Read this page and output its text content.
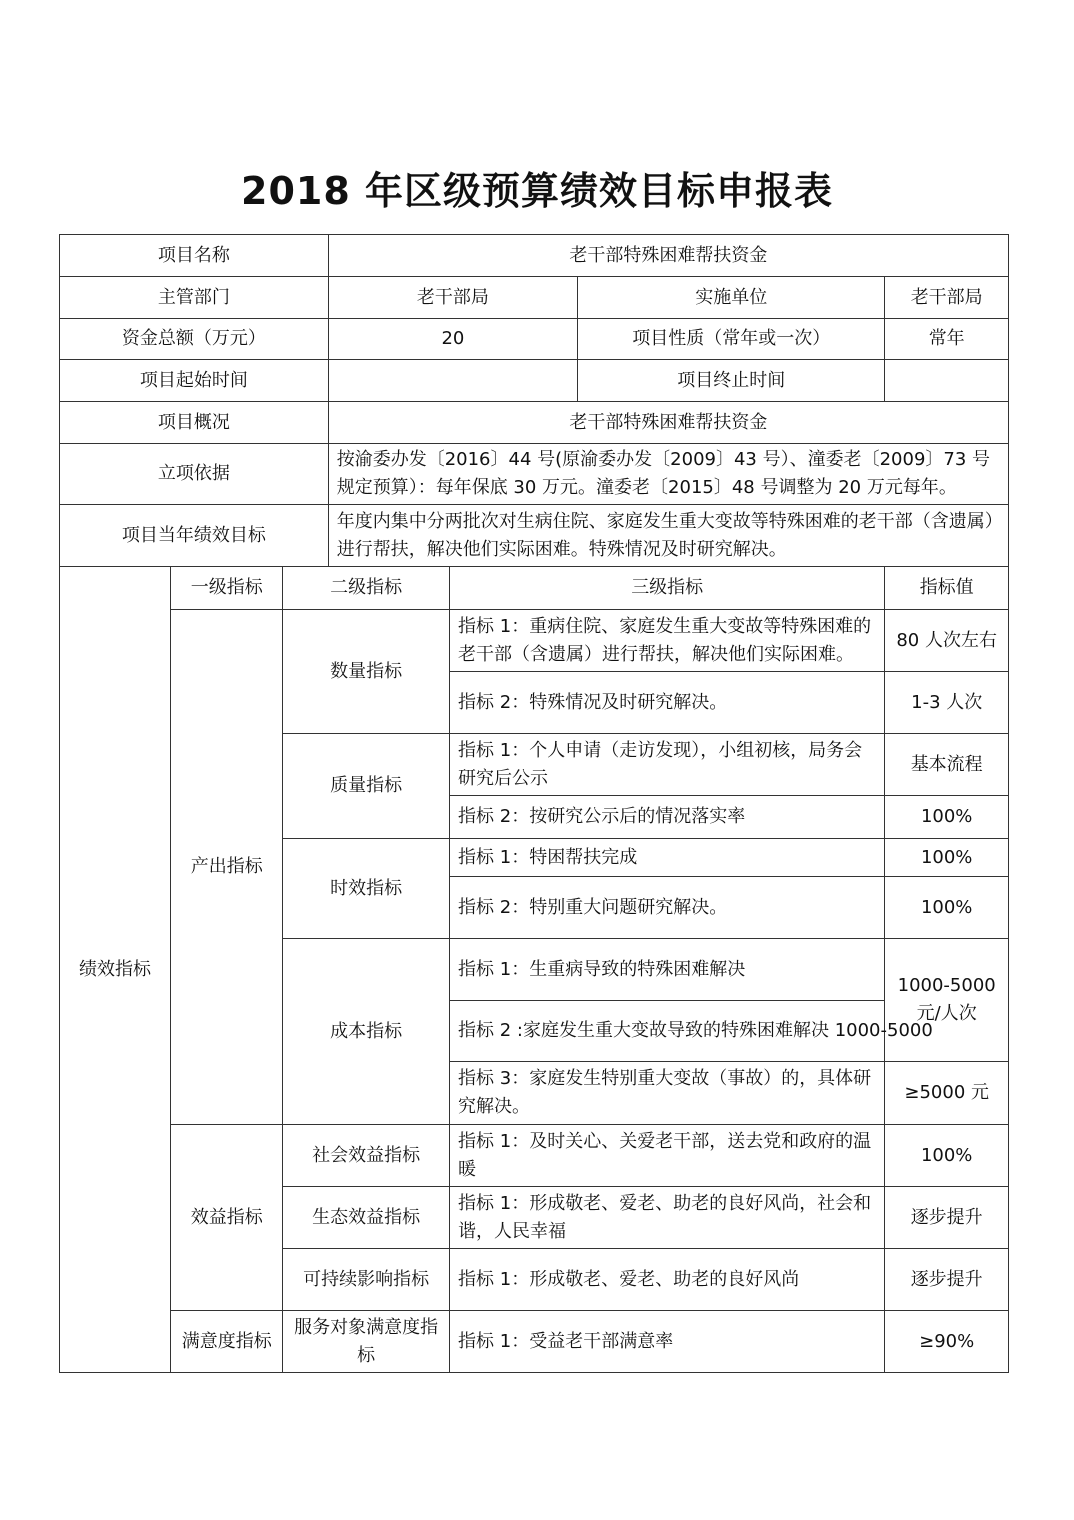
2018 年区级预算绩效目标申报表
项目名称			老干部特殊困难帮扶资金			
主管部门			老干部局		实施单位	老干部局
资金总额（万元）			20		项目性质（常年或一次）	常年
项目起始时间					项目终止时间	
项目概况			老干部特殊困难帮扶资金			
立项依据			按渝委办发〔2016〕44 号(原渝委办发〔2009〕43 号）、潼委老〔2009〕73 号规定预算）：每年保底 30 万元。潼委老〔2015〕48 号调整为 20 万元每年。			
项目当年绩效目标			年度内集中分两批次对生病住院、家庭发生重大变故等特殊困难的老干部（含遗属）进行帮扶，解决他们实际困难。特殊情况及时研究解决。			
绩效指标	一级指标	二级指标		三级指标		指标值
	产出指标	数量指标		指标 1：重病住院、家庭发生重大变故等特殊困难的老干部（含遗属）进行帮扶，解决他们实际困难。		80 人次左右
				指标 2：特殊情况及时研究解决。		1-3 人次
		质量指标		指标 1：个人申请（走访发现），小组初核，局务会研究后公示		基本流程
				指标 2：按研究公示后的情况落实率		100%
		时效指标		指标 1：特困帮扶完成		100%
				指标 2：特别重大问题研究解决。		100%
		成本指标		指标 1：生重病导致的特殊困难解决		1000-5000 元/人次
				指标 2 :家庭发生重大变故导致的特殊困难解决 1000-5000		
				指标 3：家庭发生特别重大变故（事故）的，具体研究解决。		≥5000 元
	效益指标	社会效益指标		指标 1：及时关心、关爱老干部，送去党和政府的温暖		100%
		生态效益指标		指标 1：形成敬老、爱老、助老的良好风尚，社会和谐，人民幸福		逐步提升
		可持续影响指标		指标 1：形成敬老、爱老、助老的良好风尚		逐步提升
	满意度指标	服务对象满意度指标		指标 1：受益老干部满意率		≥90%
